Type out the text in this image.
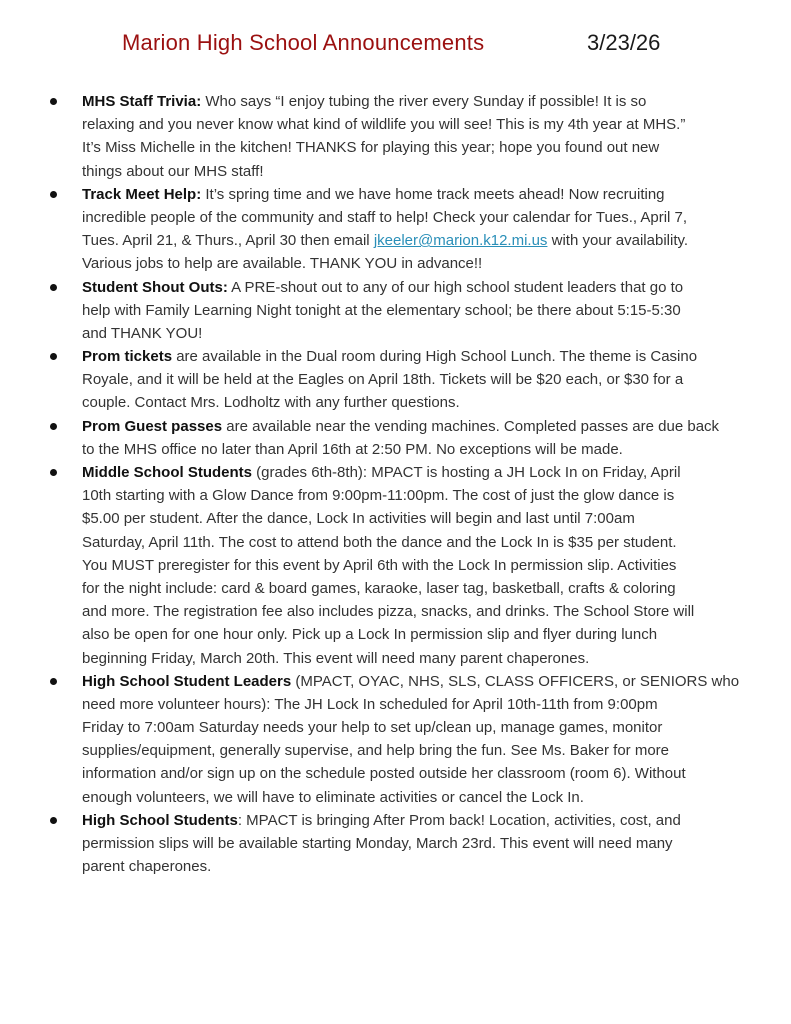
Marion High School Announcements	3/23/26
MHS Staff Trivia: Who says “I enjoy tubing the river every Sunday if possible! It is so
relaxing and you never know what kind of wildlife you will see! This is my 4th year at MHS.”
It’s Miss Michelle in the kitchen! THANKS for playing this year; hope you found out new
things about our MHS staff!
Track Meet Help: It’s spring time and we have home track meets ahead! Now recruiting
incredible people of the community and staff to help! Check your calendar for Tues., April 7,
Tues. April 21, & Thurs., April 30 then email jkeeler@marion.k12.mi.us with your availability.
Various jobs to help are available. THANK YOU in advance!!
Student Shout Outs: A PRE-shout out to any of our high school student leaders that go to
help with Family Learning Night tonight at the elementary school; be there about 5:15-5:30
and THANK YOU!
Prom tickets are available in the Dual room during High School Lunch. The theme is Casino
Royale, and it will be held at the Eagles on April 18th. Tickets will be $20 each, or $30 for a
couple. Contact Mrs. Lodholtz with any further questions.
Prom Guest passes are available near the vending machines. Completed passes are due back
to the MHS office no later than April 16th at 2:50 PM. No exceptions will be made.
Middle School Students (grades 6th-8th): MPACT is hosting a JH Lock In on Friday, April
10th starting with a Glow Dance from 9:00pm-11:00pm. The cost of just the glow dance is
$5.00 per student. After the dance, Lock In activities will begin and last until 7:00am
Saturday, April 11th. The cost to attend both the dance and the Lock In is $35 per student.
You MUST preregister for this event by April 6th with the Lock In permission slip. Activities
for the night include: card & board games, karaoke, laser tag, basketball, crafts & coloring
and more. The registration fee also includes pizza, snacks, and drinks. The School Store will
also be open for one hour only. Pick up a Lock In permission slip and flyer during lunch
beginning Friday, March 20th. This event will need many parent chaperones.
High School Student Leaders (MPACT, OYAC, NHS, SLS, CLASS OFFICERS, or SENIORS who
need more volunteer hours): The JH Lock In scheduled for April 10th-11th from 9:00pm
Friday to 7:00am Saturday needs your help to set up/clean up, manage games, monitor
supplies/equipment, generally supervise, and help bring the fun. See Ms. Baker for more
information and/or sign up on the schedule posted outside her classroom (room 6). Without
enough volunteers, we will have to eliminate activities or cancel the Lock In.
High School Students: MPACT is bringing After Prom back! Location, activities, cost, and
permission slips will be available starting Monday, March 23rd. This event will need many
parent chaperones.
